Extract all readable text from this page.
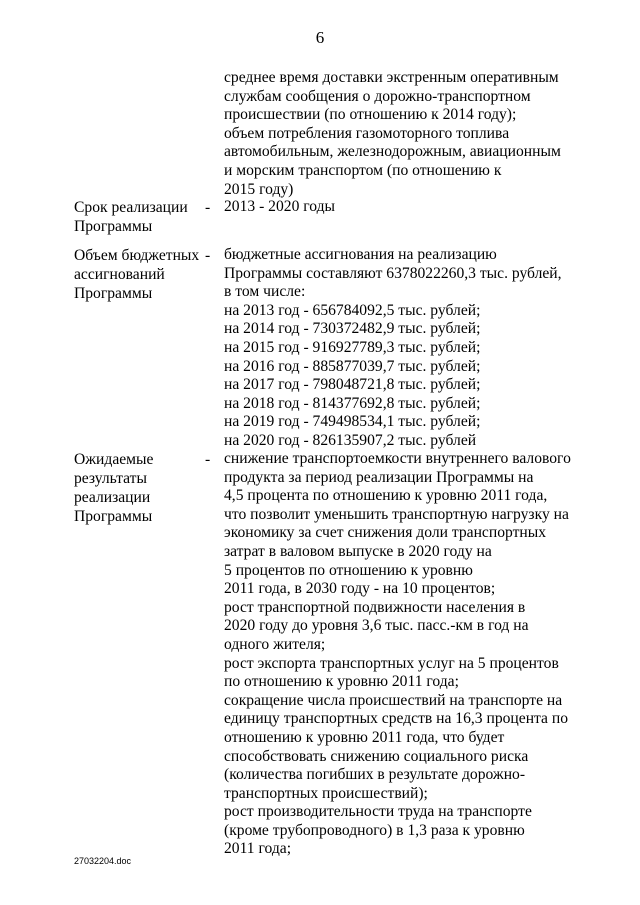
6
среднее время доставки экстренным оперативным
службам сообщения о дорожно-транспортном
происшествии (по отношению к 2014 году);
объем потребления газомоторного топлива
автомобильным, железнодорожным, авиационным
и морским транспортом (по отношению к
2015 году)
Срок реализации
Программы
- 2013 - 2020 годы
Объем бюджетных
ассигнований
Программы
- бюджетные ассигнования на реализацию
Программы составляют 6378022260,3 тыс. рублей,
в том числе:
на 2013 год - 656784092,5 тыс. рублей;
на 2014 год - 730372482,9 тыс. рублей;
на 2015 год - 916927789,3 тыс. рублей;
на 2016 год - 885877039,7 тыс. рублей;
на 2017 год - 798048721,8 тыс. рублей;
на 2018 год - 814377692,8 тыс. рублей;
на 2019 год - 749498534,1 тыс. рублей;
на 2020 год - 826135907,2 тыс. рублей
Ожидаемые
результаты
реализации
Программы
- снижение транспортоемкости внутреннего валового
продукта за период реализации Программы на
4,5 процента по отношению к уровню 2011 года,
что позволит уменьшить транспортную нагрузку на
экономику за счет снижения доли транспортных
затрат в валовом выпуске в 2020 году на
5 процентов по отношению к уровню
2011 года, в 2030 году - на 10 процентов;
рост транспортной подвижности населения в
2020 году до уровня 3,6 тыс. пасс.-км в год на
одного жителя;
рост экспорта транспортных услуг на 5 процентов
по отношению к уровню 2011 года;
сокращение числа происшествий на транспорте на
единицу транспортных средств на 16,3 процента по
отношению к уровню 2011 года, что будет
способствовать снижению социального риска
(количества погибших в результате дорожно-
транспортных происшествий);
рост производительности труда на транспорте
(кроме трубопроводного) в 1,3 раза к уровню
2011 года;
27032204.doc
